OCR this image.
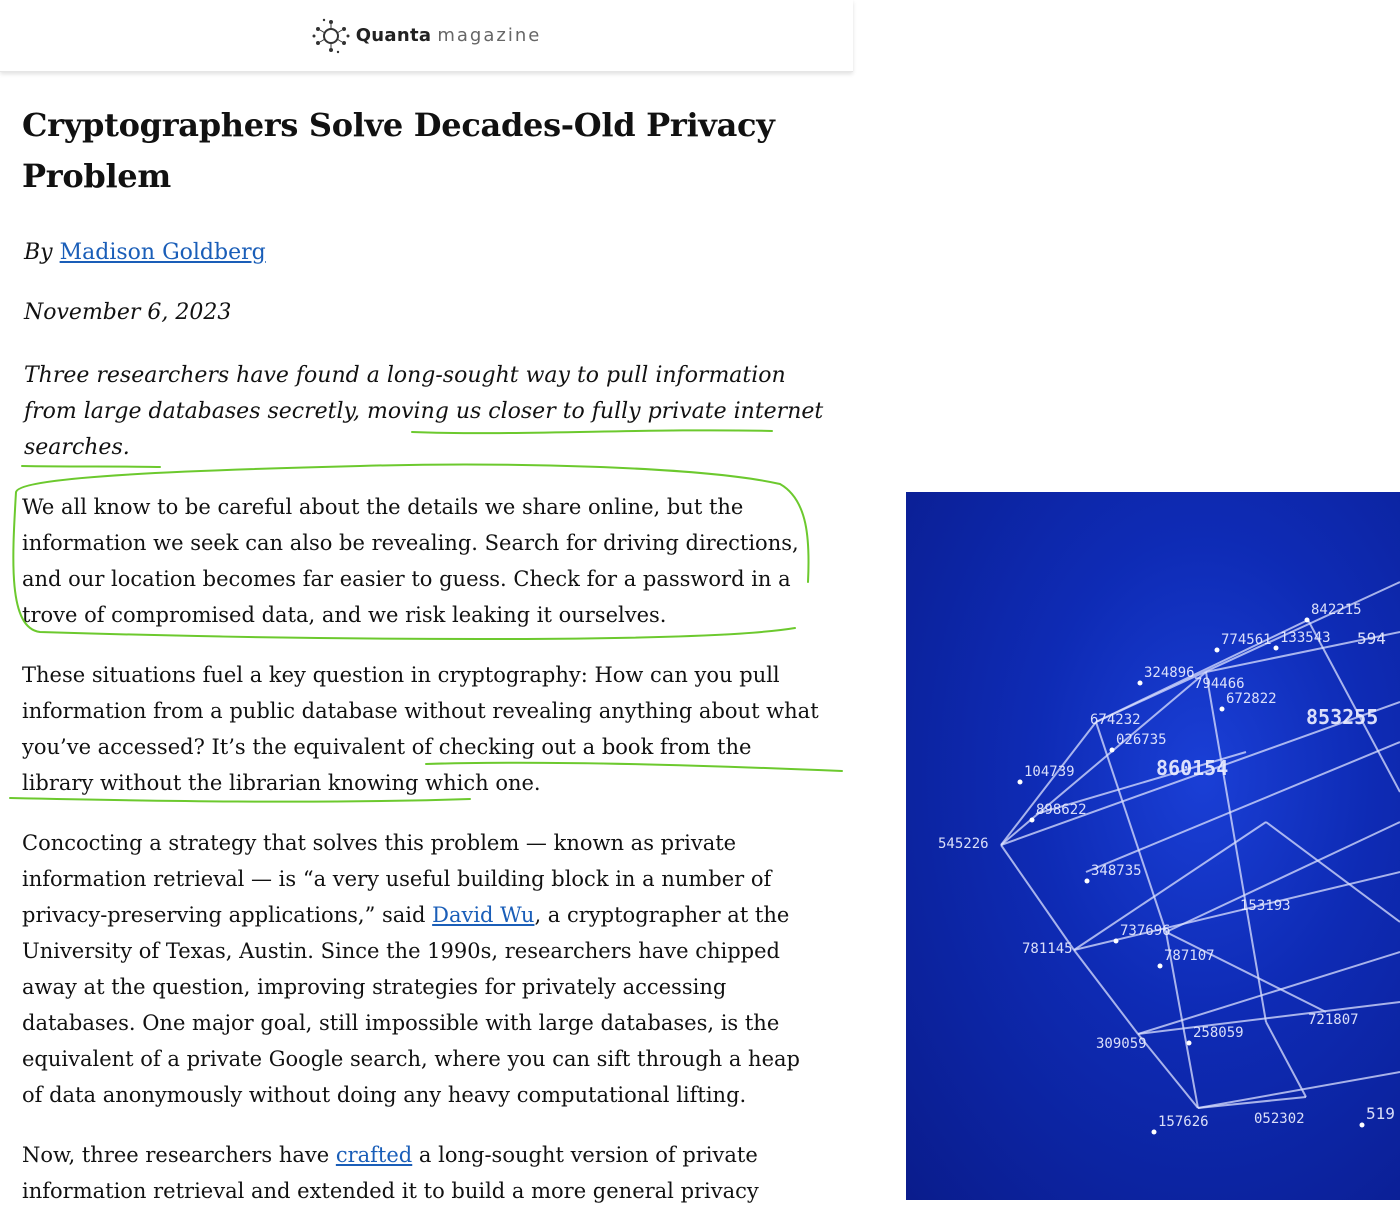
Quanta magazine
Cryptographers Solve Decades-Old Privacy Problem
By Madison Goldberg
November 6, 2023
Three researchers have found a long-sought way to pull information from large databases secretly, moving us closer to fully private internet searches.
We all know to be careful about the details we share online, but the information we seek can also be revealing. Search for driving directions, and our location becomes far easier to guess. Check for a password in a trove of compromised data, and we risk leaking it ourselves.
These situations fuel a key question in cryptography: How can you pull information from a public database without revealing anything about what you’ve accessed? It’s the equivalent of checking out a book from the library without the librarian knowing which one.
Concocting a strategy that solves this problem — known as private information retrieval — is “a very useful building block in a number of privacy-preserving applications,” said David Wu, a cryptographer at the University of Texas, Austin. Since the 1990s, researchers have chipped away at the question, improving strategies for privately accessing databases. One major goal, still impossible with large databases, is the equivalent of a private Google search, where you can sift through a heap of data anonymously without doing any heavy computational lifting.
Now, three researchers have crafted a long-sought version of private information retrieval and extended it to build a more general privacy
842215
774561 133543 594
324896
794466
672822
674232
026735
853255
104739	860154
898622
545226
348735
153193
737696
781145	787107
309059
258059
721807
157626	052302	519
